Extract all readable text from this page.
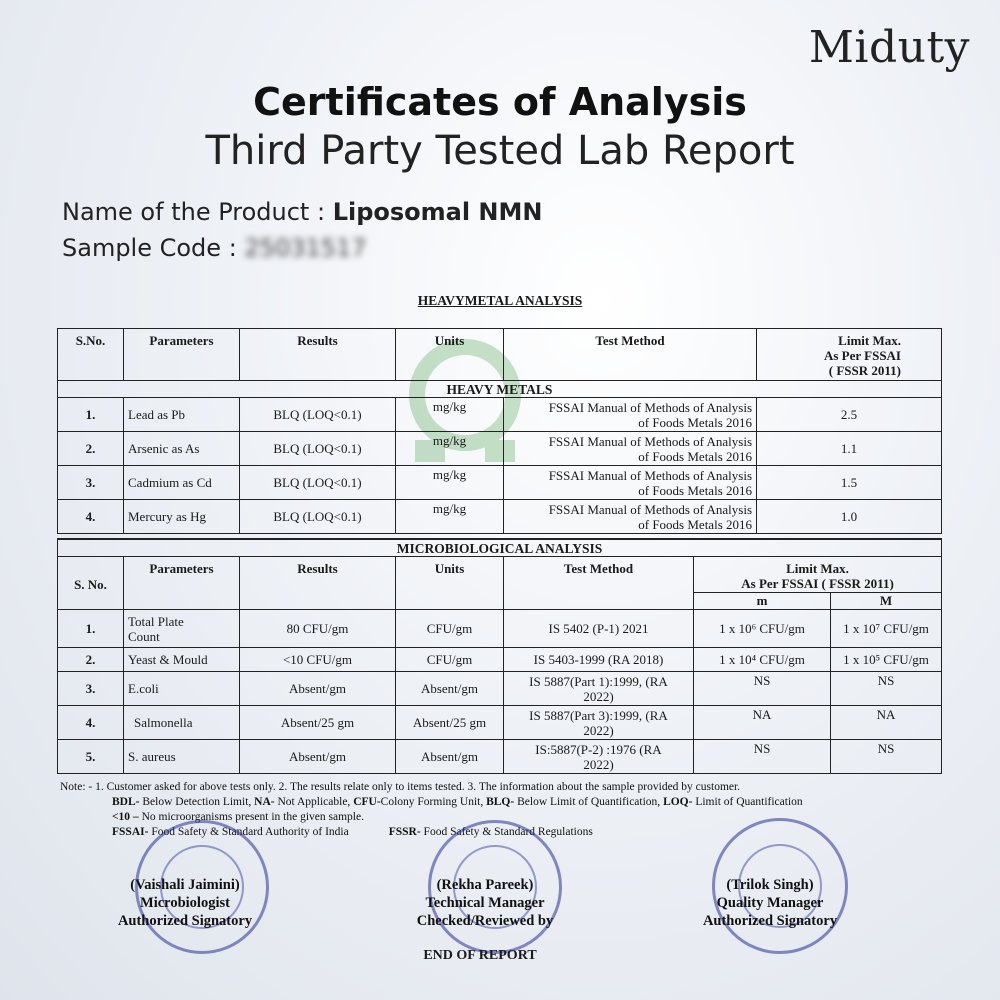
Miduty
Certificates of Analysis
Third Party Tested Lab Report
Name of the Product : Liposomal NMN
Sample Code : 25031517
HEAVYMETAL ANALYSIS
S.No.	Parameters	Results	Units	Test Method	Limit Max.
As Per FSSAI
( FSSR 2011)
HEAVY METALS					
1.	Lead as Pb	BLQ (LOQ<0.1)	mg/kg	FSSAI Manual of Methods of Analysis
of Foods Metals 2016	2.5
2.	Arsenic as As	BLQ (LOQ<0.1)	mg/kg	FSSAI Manual of Methods of Analysis
of Foods Metals 2016	1.1
3.	Cadmium as Cd	BLQ (LOQ<0.1)	mg/kg	FSSAI Manual of Methods of Analysis
of Foods Metals 2016	1.5
4.	Mercury as Hg	BLQ (LOQ<0.1)	mg/kg	FSSAI Manual of Methods of Analysis
of Foods Metals 2016	1.0
MICROBIOLOGICAL ANALYSIS						
S. No.	Parameters	Results	Units	Test Method	Limit Max.
As Per FSSAI ( FSSR 2011)	
					m	M
1.	Total Plate
Count	80 CFU/gm	CFU/gm	IS 5402 (P-1) 2021	1 x 10⁶ CFU/gm	1 x 10⁷ CFU/gm
2.	Yeast & Mould	<10 CFU/gm	CFU/gm	IS 5403-1999 (RA 2018)	1 x 10⁴ CFU/gm	1 x 10⁵ CFU/gm
3.	E.coli	Absent/gm	Absent/gm	IS 5887(Part 1):1999, (RA
2022)	NS	NS
4.	Salmonella	Absent/25 gm	Absent/25 gm	IS 5887(Part 3):1999, (RA
2022)	NA	NA
5.	S. aureus	Absent/gm	Absent/gm	IS:5887(P-2) :1976 (RA
2022)	NS	NS
Note: - 1. Customer asked for above tests only. 2. The results relate only to items tested. 3. The information about the sample provided by customer.
BDL- Below Detection Limit, NA- Not Applicable, CFU-Colony Forming Unit, BLQ- Below Limit of Quantification, LOQ- Limit of Quantification
<10 – No microorganisms present in the given sample.
FSSAI- Food Safety & Standard Authority of India	FSSR- Food Safety & Standard Regulations
(Vaishali Jaimini)
Microbiologist
Authorized Signatory
(Rekha Pareek)
Technical Manager
Checked/Reviewed by
(Trilok Singh)
Quality Manager
Authorized Signatory
END OF REPORT
